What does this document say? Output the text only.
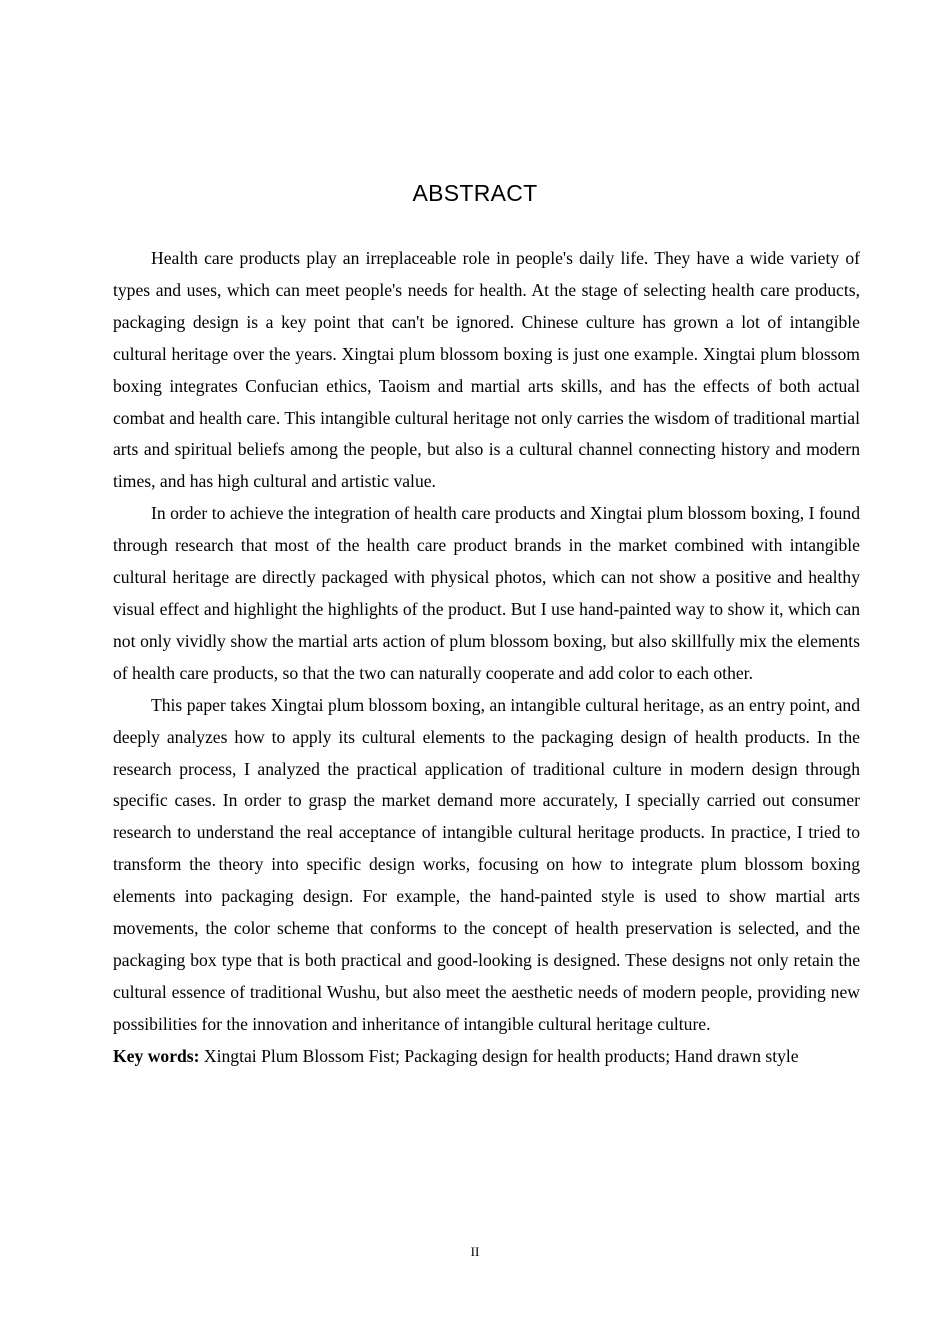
ABSTRACT

Health care products play an irreplaceable role in people's daily life. They have a wide variety of types and uses, which can meet people's needs for health. At the stage of selecting health care products, packaging design is a key point that can't be ignored. Chinese culture has grown a lot of intangible cultural heritage over the years. Xingtai plum blossom boxing is just one example. Xingtai plum blossom boxing integrates Confucian ethics, Taoism and martial arts skills, and has the effects of both actual combat and health care. This intangible cultural heritage not only carries the wisdom of traditional martial arts and spiritual beliefs among the people, but also is a cultural channel connecting history and modern times, and has high cultural and artistic value.

In order to achieve the integration of health care products and Xingtai plum blossom boxing, I found through research that most of the health care product brands in the market combined with intangible cultural heritage are directly packaged with physical photos, which can not show a positive and healthy visual effect and highlight the highlights of the product. But I use hand-painted way to show it, which can not only vividly show the martial arts action of plum blossom boxing, but also skillfully mix the elements of health care products, so that the two can naturally cooperate and add color to each other.

This paper takes Xingtai plum blossom boxing, an intangible cultural heritage, as an entry point, and deeply analyzes how to apply its cultural elements to the packaging design of health products. In the research process, I analyzed the practical application of traditional culture in modern design through specific cases. In order to grasp the market demand more accurately, I specially carried out consumer research to understand the real acceptance of intangible cultural heritage products. In practice, I tried to transform the theory into specific design works, focusing on how to integrate plum blossom boxing elements into packaging design. For example, the hand-painted style is used to show martial arts movements, the color scheme that conforms to the concept of health preservation is selected, and the packaging box type that is both practical and good-looking is designed. These designs not only retain the cultural essence of traditional Wushu, but also meet the aesthetic needs of modern people, providing new possibilities for the innovation and inheritance of intangible cultural heritage culture.

Key words: Xingtai Plum Blossom Fist; Packaging design for health products; Hand drawn style

II
